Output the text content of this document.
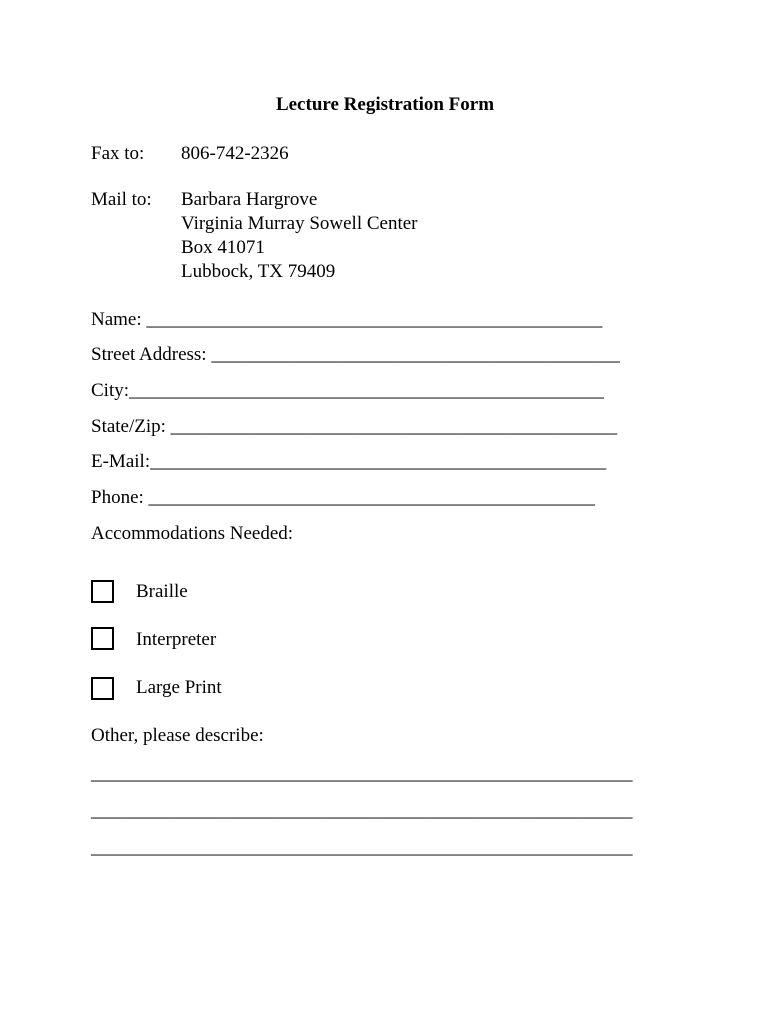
Lecture Registration Form
Fax to: 806-742-2326
Mail to: Barbara Hargrove
Virginia Murray Sowell Center
Box 41071
Lubbock, TX 79409
Name: ________________________________________________
Street Address: ___________________________________________
City:__________________________________________________
State/Zip: _______________________________________________
E-Mail:________________________________________________
Phone: _______________________________________________
Accommodations Needed:
Braille
Interpreter
Large Print
Other, please describe:
_________________________________________________________
_________________________________________________________
_________________________________________________________
